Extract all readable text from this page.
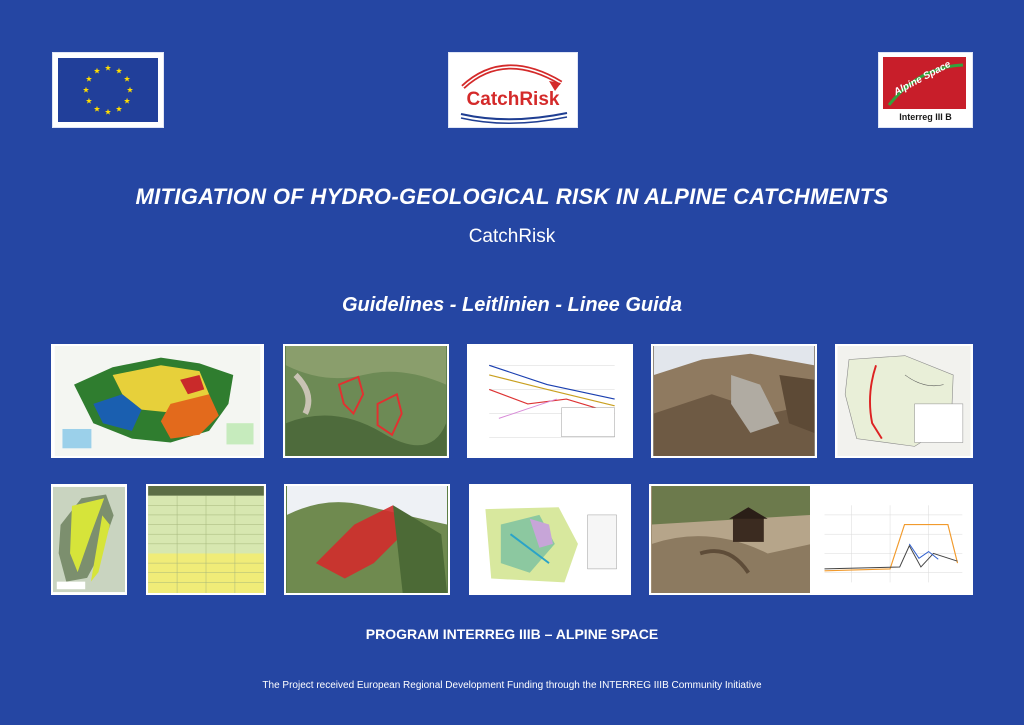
CatchRisk
Alpine Space
Interreg III B
MITIGATION OF HYDRO-GEOLOGICAL RISK IN ALPINE CATCHMENTS
CatchRisk
Guidelines - Leitlinien - Linee Guida
PROGRAM INTERREG IIIB – ALPINE SPACE
The Project received European Regional Development Funding through the INTERREG IIIB Community Initiative
